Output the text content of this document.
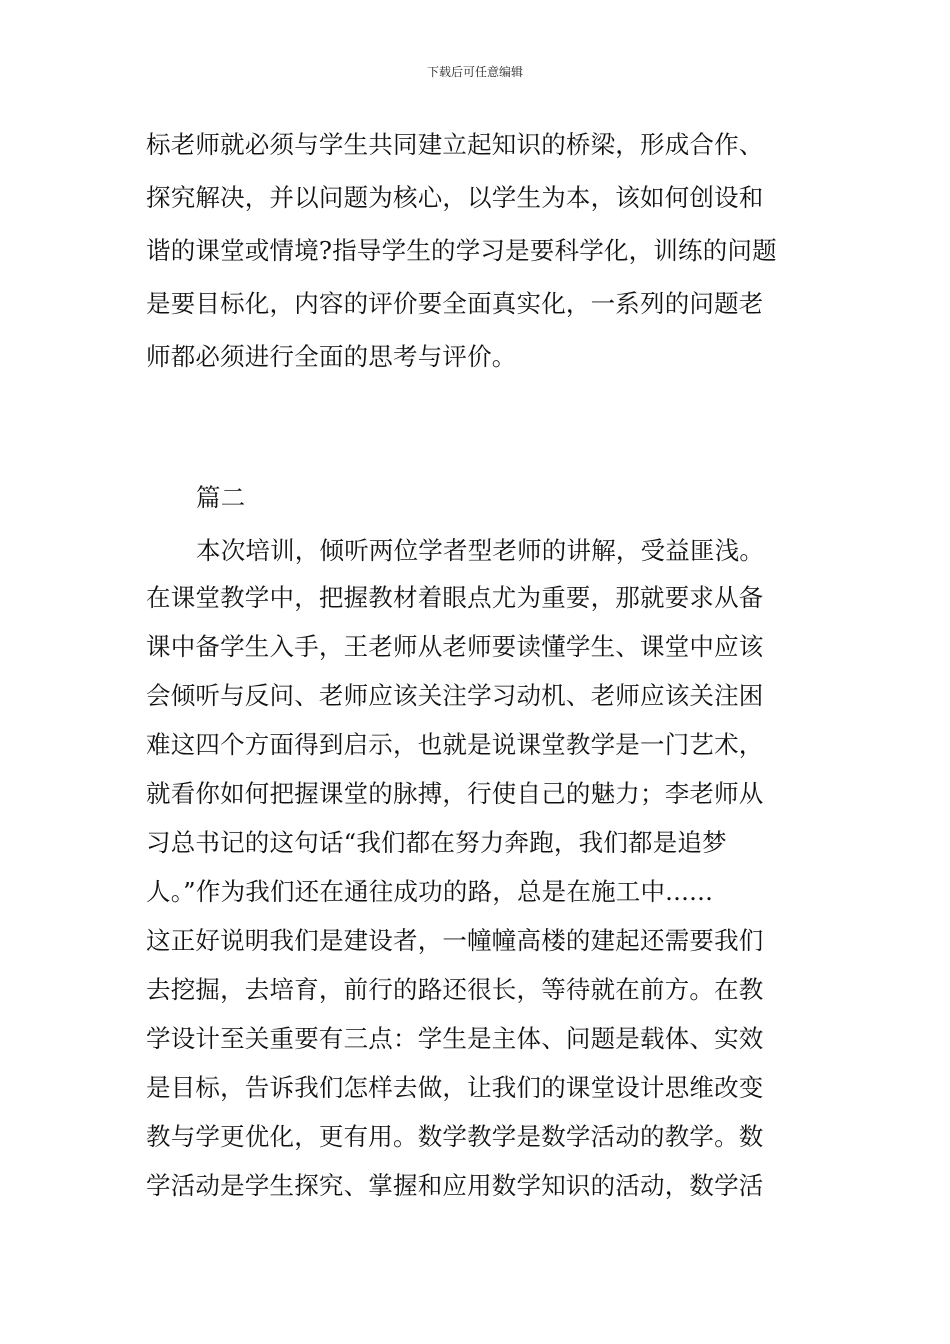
下载后可任意编辑
标老师就必须与学生共同建立起知识的桥梁，形成合作、
探究解决，并以问题为核心，以学生为本，该如何创设和
谐的课堂或情境?指导学生的学习是要科学化，训练的问题
是要目标化，内容的评价要全面真实化，一系列的问题老
师都必须进行全面的思考与评价。
篇二
本次培训，倾听两位学者型老师的讲解，受益匪浅。
在课堂教学中，把握教材着眼点尤为重要，那就要求从备
课中备学生入手，王老师从老师要读懂学生、课堂中应该
会倾听与反问、老师应该关注学习动机、老师应该关注困
难这四个方面得到启示，也就是说课堂教学是一门艺术，
就看你如何把握课堂的脉搏，行使自己的魅力；李老师从
习总书记的这句话“我们都在努力奔跑，我们都是追梦
人。”作为我们还在通往成功的路，总是在施工中......
这正好说明我们是建设者，一幢幢高楼的建起还需要我们
去挖掘，去培育，前行的路还很长，等待就在前方。在教
学设计至关重要有三点：学生是主体、问题是载体、实效
是目标，告诉我们怎样去做，让我们的课堂设计思维改变
教与学更优化，更有用。数学教学是数学活动的教学。数
学活动是学生探究、掌握和应用数学知识的活动，数学活
